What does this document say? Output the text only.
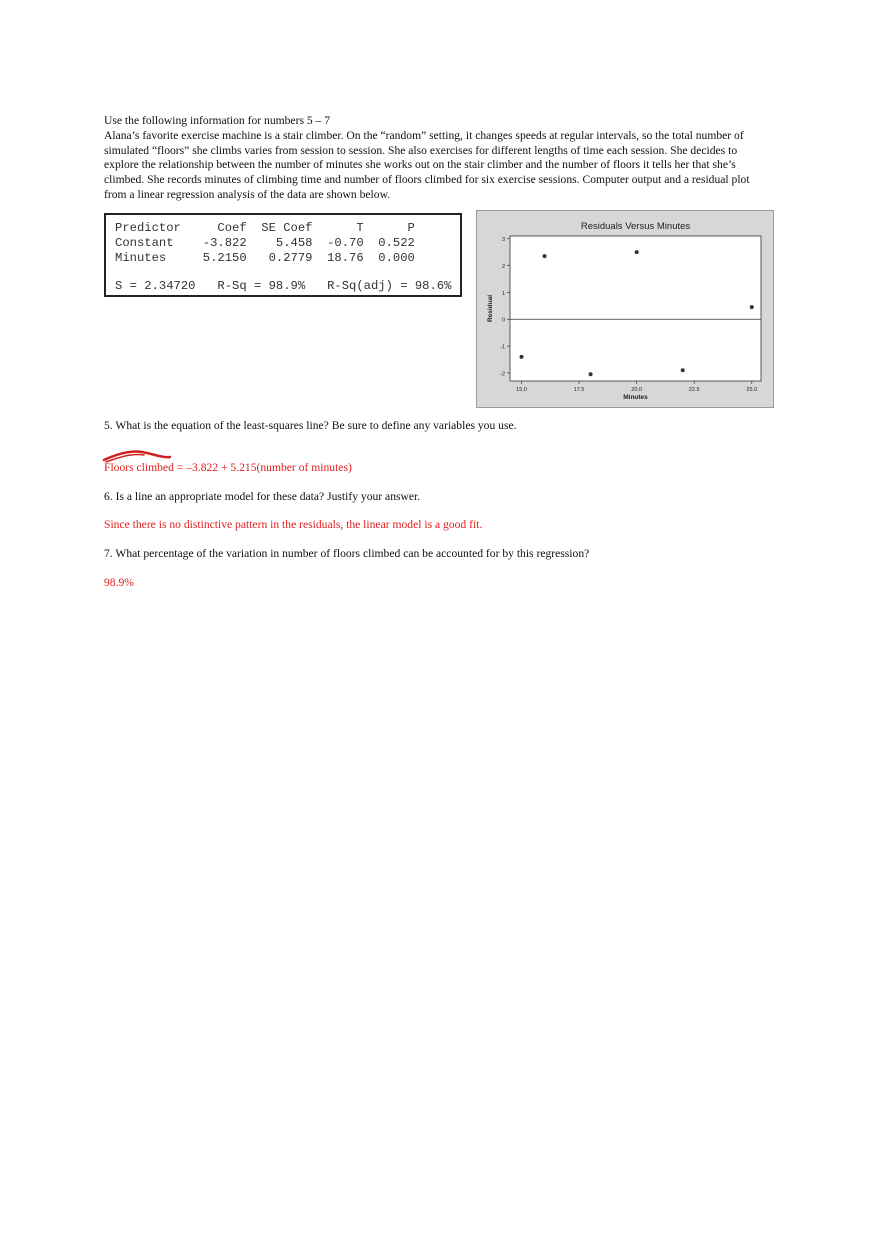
Use the following information for numbers 5 – 7

Alana’s favorite exercise machine is a stair climber. On the “random” setting, it changes speeds at regular intervals, so the total number of simulated “floors” she climbs varies from session to session. She also exercises for different lengths of time each session. She decides to explore the relationship between the number of minutes she works out on the stair climber and the number of floors it tells her that she’s climbed. She records minutes of climbing time and number of floors climbed for six exercise sessions. Computer output and a residual plot from a linear regression analysis of the data are shown below.

Predictor     Coef  SE Coef      T      P
Constant    -3.822    5.458  -0.70  0.522
Minutes     5.2150   0.2779  18.76  0.000
S = 2.34720   R-Sq = 98.9%   R-Sq(adj) = 98.6%
Residuals Versus Minutes
-2
-1
0
1
2
3
15.0	17.5	20.0	22.5	25.0
Minutes
Residual

5. What is the equation of the least-squares line? Be sure to define any variables you use.

Floors climbed = –3.822 + 5.215(number of minutes)

6. Is a line an appropriate model for these data? Justify your answer.

Since there is no distinctive pattern in the residuals, the linear model is a good fit.

7. What percentage of the variation in number of floors climbed can be accounted for by this regression?

98.9%
